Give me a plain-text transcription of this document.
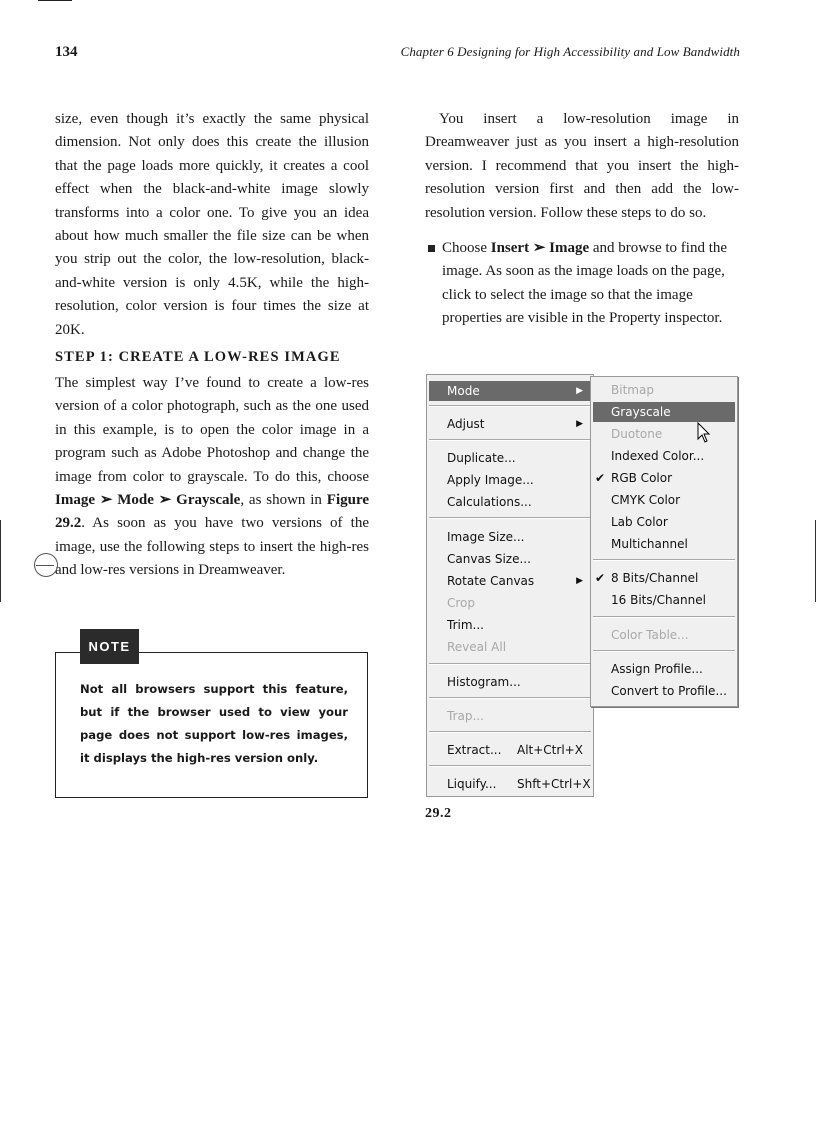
134	Chapter 6 Designing for High Accessibility and Low Bandwidth

size, even though it’s exactly the same physical dimension. Not only does this create the illusion that the page loads more quickly, it creates a cool effect when the black-and-white image slowly transforms into a color one. To give you an idea about how much smaller the file size can be when you strip out the color, the low-resolution, black-and-white version is only 4.5K, while the high-resolution, color version is four times the size at 20K.

STEP 1: CREATE A LOW-RES IMAGE

The simplest way I’ve found to create a low-res version of a color photograph, such as the one used in this example, is to open the color image in a program such as Adobe Photoshop and change the image from color to grayscale. To do this, choose Image ➢ Mode ➢ Grayscale, as shown in Figure 29.2. As soon as you have two versions of the image, use the following steps to insert the high-res and low-res versions in Dreamweaver.

NOTE
Not all browsers support this feature, but if the browser used to view your page does not support low-res images, it displays the high-res version only.

You insert a low-resolution image in Dreamweaver just as you insert a high-resolution version. I recommend that you insert the high-resolution version first and then add the low-resolution version. Follow these steps to do so.

Choose Insert ➢ Image and browse to find the image. As soon as the image loads on the page, click to select the image so that the image properties are visible in the Property inspector.
Mode	▶
Adjust	▶
Duplicate...
Apply Image...
Calculations...
Image Size...
Canvas Size...
Rotate Canvas	▶
Crop
Trim...
Reveal All
Histogram...
Trap...
Extract... Alt+Ctrl+X
Liquify... Shft+Ctrl+X
Bitmap
Grayscale
Duotone
Indexed Color...
✔ RGB Color
CMYK Color
Lab Color
Multichannel
✔ 8 Bits/Channel
16 Bits/Channel
Color Table...
Assign Profile...
Convert to Profile...
29.2
